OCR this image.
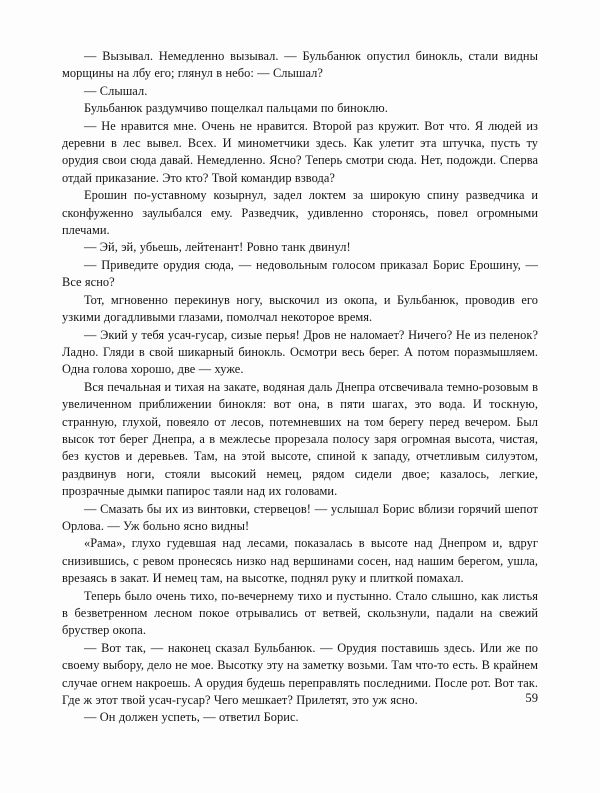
— Вызывал. Немедленно вызывал. — Бульбанюк опустил бинокль, стали видны морщины на лбу его; глянул в небо: — Слышал?

— Слышал.

Бульбанюк раздумчиво пощелкал пальцами по биноклю.

— Не нравится мне. Очень не нравится. Второй раз кружит. Вот что. Я людей из деревни в лес вывел. Всех. И минометчики здесь. Как улетит эта штучка, пусть ту орудия свои сюда давай. Немедленно. Ясно? Теперь смотри сюда. Нет, подожди. Сперва отдай приказание. Это кто? Твой командир взвода?

Ерошин по-уставному козырнул, задел локтем за широкую спину разведчика и сконфуженно заулыбался ему. Разведчик, удивленно сторонясь, повел огромными плечами.

— Эй, эй, убьешь, лейтенант! Ровно танк двинул!

— Приведите орудия сюда, — недовольным голосом приказал Борис Ерошину, — Все ясно?

Тот, мгновенно перекинув ногу, выскочил из окопа, и Бульбанюк, проводив его узкими догадливыми глазами, помолчал некоторое время.

— Экий у тебя усач-гусар, сизые перья! Дров не наломает? Ничего? Не из пеленок? Ладно. Гляди в свой шикарный бинокль. Осмотри весь берег. А потом поразмышляем. Одна голова хорошо, две — хуже.

Вся печальная и тихая на закате, водяная даль Днепра отсвечивала темно-розовым в увеличенном приближении бинокля: вот она, в пяти шагах, это вода. И тоскную, странную, глухой, повеяло от лесов, потемневших на том берегу перед вечером. Был высок тот берег Днепра, а в межлесье прорезала полосу заря огромная высота, чистая, без кустов и деревьев. Там, на этой высоте, спиной к западу, отчетливым силуэтом, раздвинув ноги, стояли высокий немец, рядом сидели двое; казалось, легкие, прозрачные дымки папирос таяли над их головами.

— Смазать бы их из винтовки, стервецов! — услышал Борис вблизи горячий шепот Орлова. — Уж больно ясно видны!

«Рама», глухо гудевшая над лесами, показалась в высоте над Днепром и, вдруг снизившись, с ревом пронесясь низко над вершинами сосен, над нашим берегом, ушла, врезаясь в закат. И немец там, на высотке, поднял руку и плиткой помахал.

Теперь было очень тихо, по-вечернему тихо и пустынно. Стало слышно, как листья в безветренном лесном покое отрывались от ветвей, скользнули, падали на свежий бруствер окопа.

— Вот так, — наконец сказал Бульбанюк. — Орудия поставишь здесь. Или же по своему выбору, дело не мое. Высотку эту на заметку возьми. Там что-то есть. В крайнем случае огнем накроешь. А орудия будешь переправлять последними. После рот. Вот так. Где ж этот твой усач-гусар? Чего мешкает? Прилетят, это уж ясно.

— Он должен успеть, — ответил Борис.

59
